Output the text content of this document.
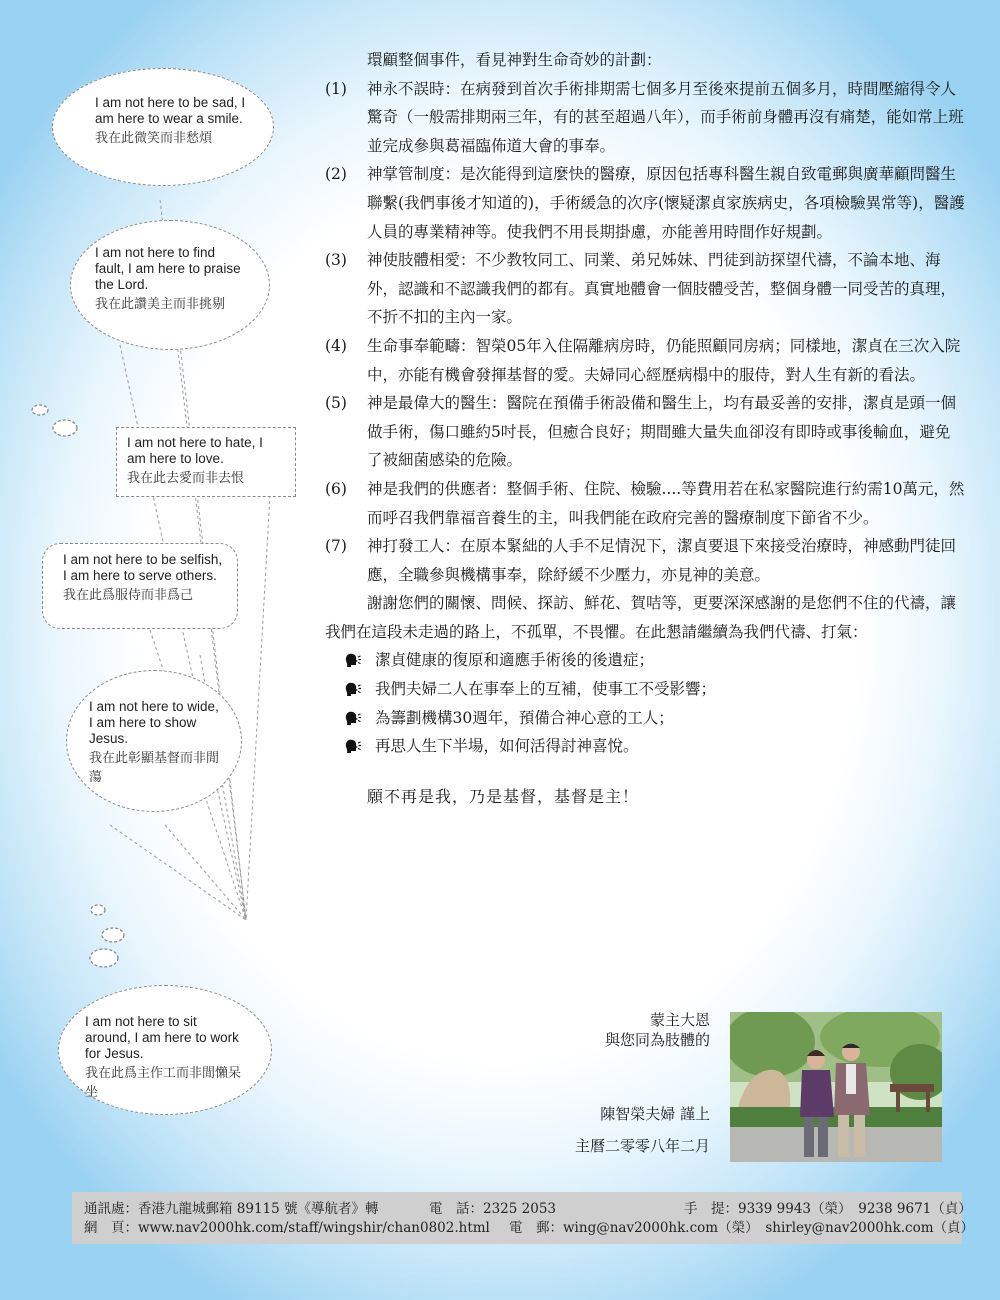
I am not here to be sad, I am here to wear a smile.
我在此微笑而非愁煩
I am not here to find fault, I am here to praise the Lord.
我在此讚美主而非挑剔
I am not here to hate, I am here to love.
我在此去愛而非去恨
I am not here to be selfish, I am here to serve others.
我在此爲服侍而非爲己
I am not here to wide, I am here to show Jesus.
我在此彰顯基督而非閒蕩
I am not here to sit around, I am here to work for Jesus.
我在此爲主作工而非閒懶呆坐

環顧整個事件，看見神對生命奇妙的計劃：

(1) 神永不誤時：在病發到首次手術排期需七個多月至後來提前五個多月，時間壓縮得令人驚奇（一般需排期兩三年，有的甚至超過八年），而手術前身體再沒有痛楚，能如常上班並完成參與葛福臨佈道大會的事奉。
(2) 神掌管制度：是次能得到這麼快的醫療，原因包括專科醫生親自致電郵與廣華顧問醫生聯繫(我們事後才知道的)，手術緩急的次序(懷疑潔貞家族病史，各項檢驗異常等)，醫護人員的專業精神等。使我們不用長期掛慮，亦能善用時間作好規劃。
(3) 神使肢體相愛：不少教牧同工、同業、弟兄姊妹、門徒到訪探望代禱，不論本地、海外，認識和不認識我們的都有。真實地體會一個肢體受苦，整個身體一同受苦的真理，不折不扣的主內一家。
(4) 生命事奉範疇：智榮05年入住隔離病房時，仍能照顧同房病；同樣地，潔貞在三次入院中，亦能有機會發揮基督的愛。夫婦同心經歷病榻中的服侍，對人生有新的看法。
(5) 神是最偉大的醫生：醫院在預備手術設備和醫生上，均有最妥善的安排，潔貞是頭一個做手術，傷口雖約5吋長，但癒合良好；期間雖大量失血卻沒有即時或事後輸血，避免了被細菌感染的危險。
(6) 神是我們的供應者：整個手術、住院、檢驗....等費用若在私家醫院進行約需10萬元，然而呼召我們靠福音養生的主，叫我們能在政府完善的醫療制度下節省不少。
(7) 神打發工人：在原本緊絀的人手不足情況下，潔貞要退下來接受治療時，神感動門徒回應，全職參與機構事奉，除紓緩不少壓力，亦見神的美意。

謝謝您們的關懷、問候、探訪、鮮花、賀咭等，更要深深感謝的是您們不住的代禱，讓我們在這段未走過的路上，不孤單，不畏懼。在此懇請繼續為我們代禱、打氣：

潔貞健康的復原和適應手術後的後遺症；
我們夫婦二人在事奉上的互補，使事工不受影響；
為籌劃機構30週年，預備合神心意的工人；
再思人生下半場，如何活得討神喜悅。

願不再是我，乃是基督，基督是主！

蒙主大恩
與您同為肢體的
陳智榮夫婦 謹上
主曆二零零八年二月
通訊處：香港九龍城郵箱 89115 號《導航者》轉	電　話：2325 2053	手　提：9339 9943（榮）　9238 9671（貞）
網　頁：www.nav2000hk.com/staff/wingshir/chan0802.html 電　郵：wing@nav2000hk.com（榮）　shirley@nav2000hk.com（貞）
